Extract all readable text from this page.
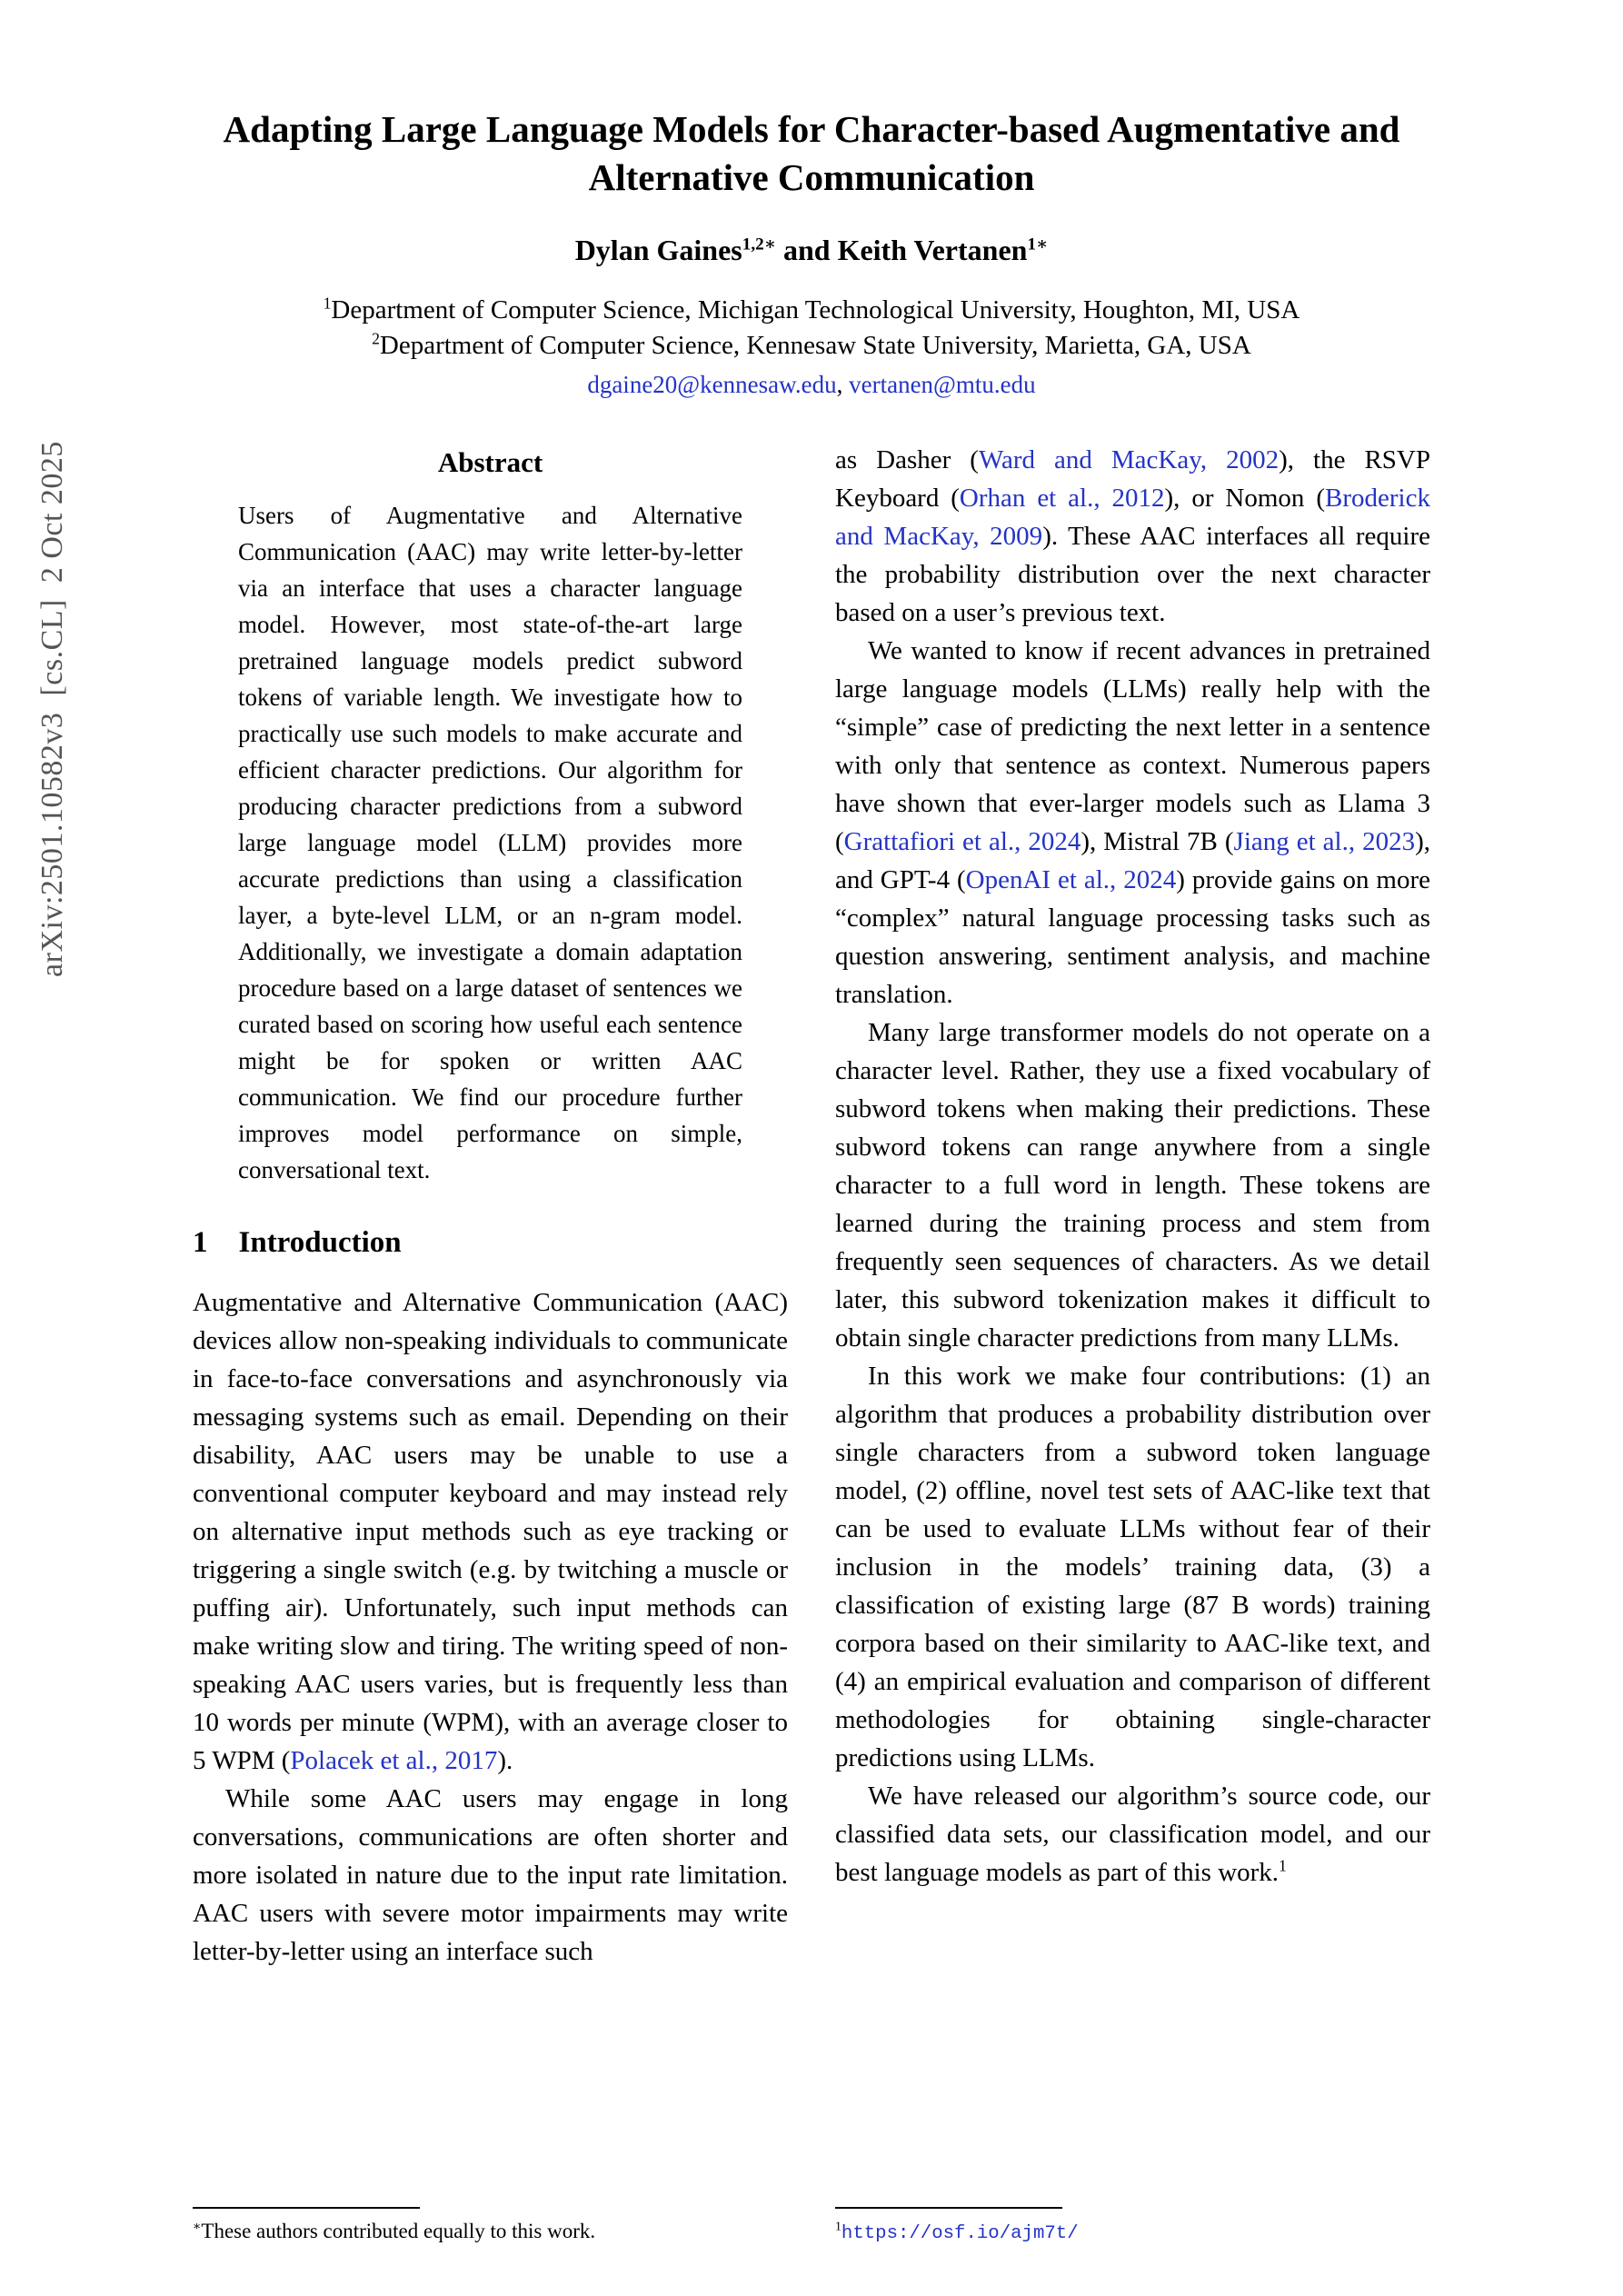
arXiv:2501.10582v3  [cs.CL]  2 Oct 2025
Adapting Large Language Models for Character-based Augmentative and Alternative Communication
Dylan Gaines$^{1,2∗}$ and Keith Vertanen$^{1∗}$
$^1$Department of Computer Science, Michigan Technological University, Houghton, MI, USA
$^2$Department of Computer Science, Kennesaw State University, Marietta, GA, USA
dgaine20@kennesaw.edu, vertanen@mtu.edu
Abstract
Users of Augmentative and Alternative Communication (AAC) may write letter-by-letter via an interface that uses a character language model. However, most state-of-the-art large pretrained language models predict subword tokens of variable length. We investigate how to practically use such models to make accurate and efficient character predictions. Our algorithm for producing character predictions from a subword large language model (LLM) provides more accurate predictions than using a classification layer, a byte-level LLM, or an n-gram model. Additionally, we investigate a domain adaptation procedure based on a large dataset of sentences we curated based on scoring how useful each sentence might be for spoken or written AAC communication. We find our procedure further improves model performance on simple, conversational text.
1 Introduction

Augmentative and Alternative Communication (AAC) devices allow non-speaking individuals to communicate in face-to-face conversations and asynchronously via messaging systems such as email. Depending on their disability, AAC users may be unable to use a conventional computer keyboard and may instead rely on alternative input methods such as eye tracking or triggering a single switch (e.g. by twitching a muscle or puffing air). Unfortunately, such input methods can make writing slow and tiring. The writing speed of non-speaking AAC users varies, but is frequently less than 10 words per minute (WPM), with an average closer to 5 WPM (Polacek et al., 2017).

While some AAC users may engage in long conversations, communications are often shorter and more isolated in nature due to the input rate limitation. AAC users with severe motor impairments may write letter-by-letter using an interface such

as Dasher (Ward and MacKay, 2002), the RSVP Keyboard (Orhan et al., 2012), or Nomon (Broderick and MacKay, 2009). These AAC interfaces all require the probability distribution over the next character based on a user’s previous text.

We wanted to know if recent advances in pretrained large language models (LLMs) really help with the “simple” case of predicting the next letter in a sentence with only that sentence as context. Numerous papers have shown that ever-larger models such as Llama 3 (Grattafiori et al., 2024), Mistral 7B (Jiang et al., 2023), and GPT-4 (OpenAI et al., 2024) provide gains on more “complex” natural language processing tasks such as question answering, sentiment analysis, and machine translation.

Many large transformer models do not operate on a character level. Rather, they use a fixed vocabulary of subword tokens when making their predictions. These subword tokens can range anywhere from a single character to a full word in length. These tokens are learned during the training process and stem from frequently seen sequences of characters. As we detail later, this subword tokenization makes it difficult to obtain single character predictions from many LLMs.

In this work we make four contributions: (1) an algorithm that produces a probability distribution over single characters from a subword token language model, (2) offline, novel test sets of AAC-like text that can be used to evaluate LLMs without fear of their inclusion in the models’ training data, (3) a classification of existing large (87 B words) training corpora based on their similarity to AAC-like text, and (4) an empirical evaluation and comparison of different methodologies for obtaining single-character predictions using LLMs.

We have released our algorithm’s source code, our classified data sets, our classification model, and our best language models as part of this work.$^1$

∗These authors contributed equally to this work.	$^1$https://osf.io/ajm7t/
